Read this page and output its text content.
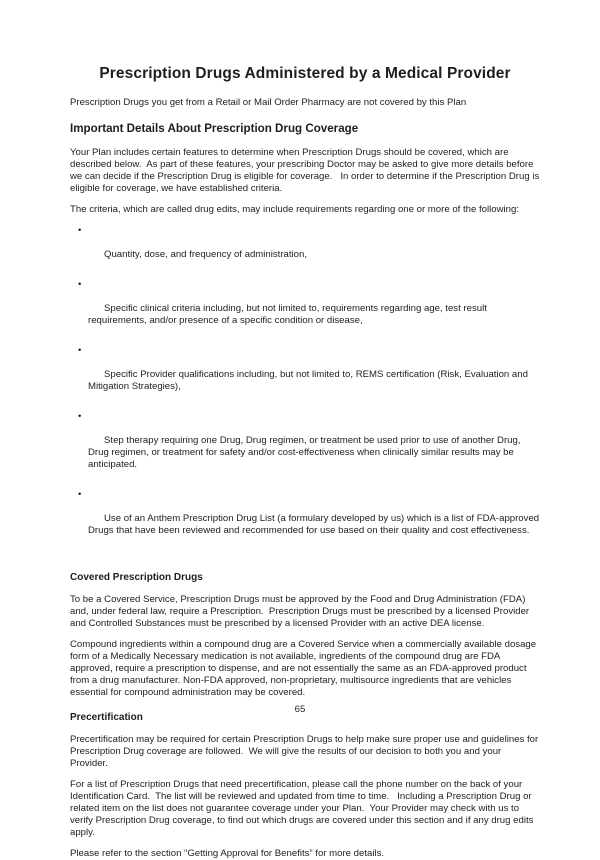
Prescription Drugs Administered by a Medical Provider

Prescription Drugs you get from a Retail or Mail Order Pharmacy are not covered by this Plan

Important Details About Prescription Drug Coverage

Your Plan includes certain features to determine when Prescription Drugs should be covered, which are described below.  As part of these features, your prescribing Doctor may be asked to give more details before we can decide if the Prescription Drug is eligible for coverage.   In order to determine if the Prescription Drug is eligible for coverage, we have established criteria.

The criteria, which are called drug edits, may include requirements regarding one or more of the following:

•

Quantity, dose, and frequency of administration,

•

Specific clinical criteria including, but not limited to, requirements regarding age, test result requirements, and/or presence of a specific condition or disease,

•

Specific Provider qualifications including, but not limited to, REMS certification (Risk, Evaluation and Mitigation Strategies),

•

Step therapy requiring one Drug, Drug regimen, or treatment be used prior to use of another Drug, Drug regimen, or treatment for safety and/or cost-effectiveness when clinically similar results may be anticipated.

•

Use of an Anthem Prescription Drug List (a formulary developed by us) which is a list of FDA-approved Drugs that have been reviewed and recommended for use based on their quality and cost effectiveness.

Covered Prescription Drugs

To be a Covered Service, Prescription Drugs must be approved by the Food and Drug Administration (FDA) and, under federal law, require a Prescription.  Prescription Drugs must be prescribed by a licensed Provider and Controlled Substances must be prescribed by a licensed Provider with an active DEA license.

Compound ingredients within a compound drug are a Covered Service when a commercially available dosage form of a Medically Necessary medication is not available, ingredients of the compound drug are FDA approved, require a prescription to dispense, and are not essentially the same as an FDA-approved product from a drug manufacturer. Non-FDA approved, non-proprietary, multisource ingredients that are vehicles essential for compound administration may be covered.

Precertification

Precertification may be required for certain Prescription Drugs to help make sure proper use and guidelines for Prescription Drug coverage are followed.  We will give the results of our decision to both you and your Provider.

For a list of Prescription Drugs that need precertification, please call the phone number on the back of your Identification Card.  The list will be reviewed and updated from time to time.   Including a Prescription Drug or related item on the list does not guarantee coverage under your Plan.  Your Provider may check with us to verify Prescription Drug coverage, to find out which drugs are covered under this section and if any drug edits apply.

Please refer to the section “Getting Approval for Benefits” for more details.

65
